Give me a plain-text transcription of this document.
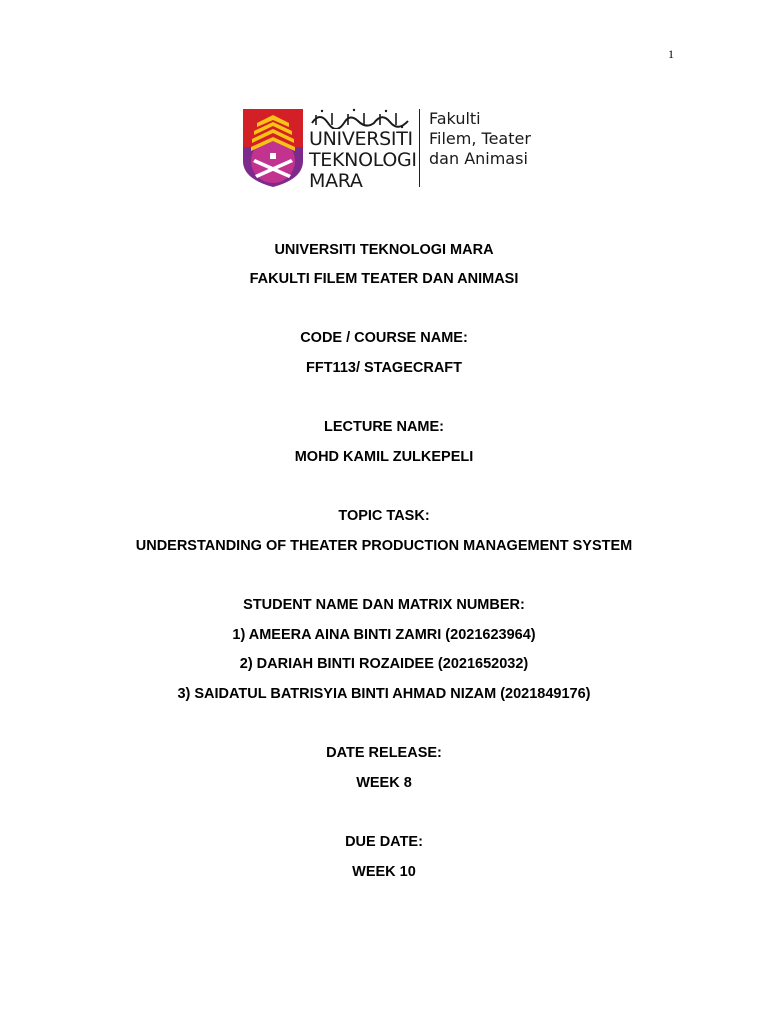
1
UNIVERSITI
TEKNOLOGI
MARA
Fakulti
Filem, Teater
dan Animasi
UNIVERSITI TEKNOLOGI MARA
FAKULTI FILEM TEATER DAN ANIMASI
CODE / COURSE NAME:
FFT113/ STAGECRAFT
LECTURE NAME:
MOHD KAMIL ZULKEPELI
TOPIC TASK:
UNDERSTANDING OF THEATER PRODUCTION MANAGEMENT SYSTEM
STUDENT NAME DAN MATRIX NUMBER:
1) AMEERA AINA BINTI ZAMRI (2021623964)
2) DARIAH BINTI ROZAIDEE (2021652032)
3) SAIDATUL BATRISYIA BINTI AHMAD NIZAM (2021849176)
DATE RELEASE:
WEEK 8
DUE DATE:
WEEK 10
